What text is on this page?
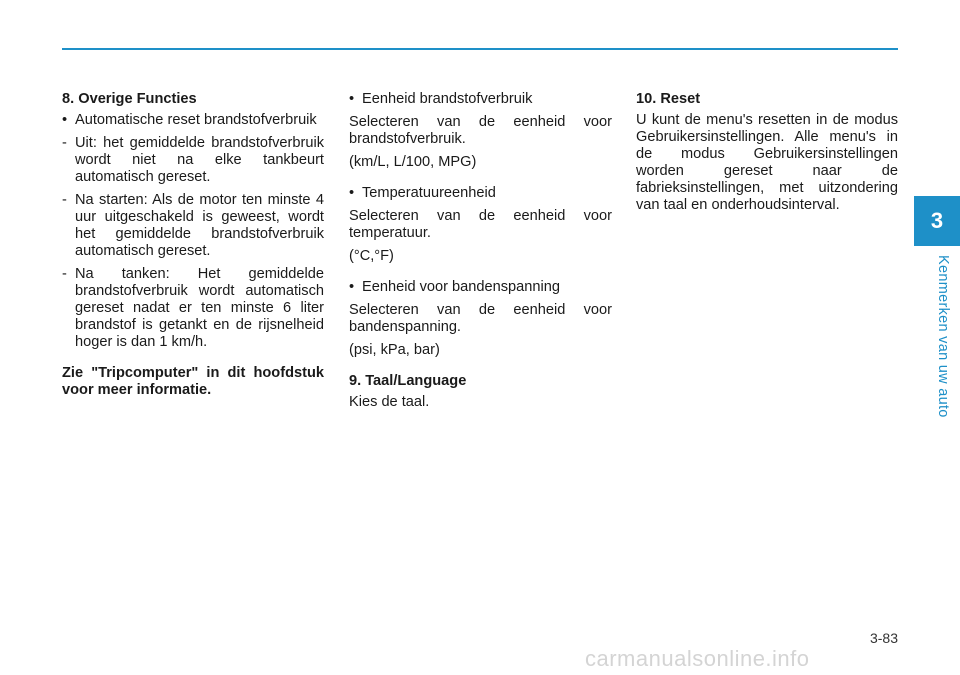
3
Kenmerken van uw auto

8. Overige Functies

• Automatische reset brandstofverbruik

- Uit: het gemiddelde brandstofverbruik wordt niet na elke tankbeurt automatisch gereset.

- Na starten: Als de motor ten minste 4 uur uitgeschakeld is geweest, wordt het gemiddelde brandstofverbruik automatisch gereset.

- Na tanken: Het gemiddelde brandstofverbruik wordt automatisch gereset nadat er ten minste 6 liter brandstof is getankt en de rijsnelheid hoger is dan 1 km/h.

Zie "Tripcomputer" in dit hoofdstuk voor meer informatie.

• Eenheid brandstofverbruik

Selecteren van de eenheid voor brandstofverbruik.

(km/L, L/100, MPG)

• Temperatuureenheid

Selecteren van de eenheid voor temperatuur.

(°C,°F)

• Eenheid voor bandenspanning

Selecteren van de eenheid voor bandenspanning.

(psi, kPa, bar)

9. Taal/Language

Kies de taal.

10. Reset

U kunt de menu's resetten in de modus Gebruikersinstellingen. Alle menu's in de modus Gebruikersinstellingen worden gereset naar de fabrieksinstellingen, met uitzondering van taal en onderhoudsinterval.

3-83
carmanualsonline.info
